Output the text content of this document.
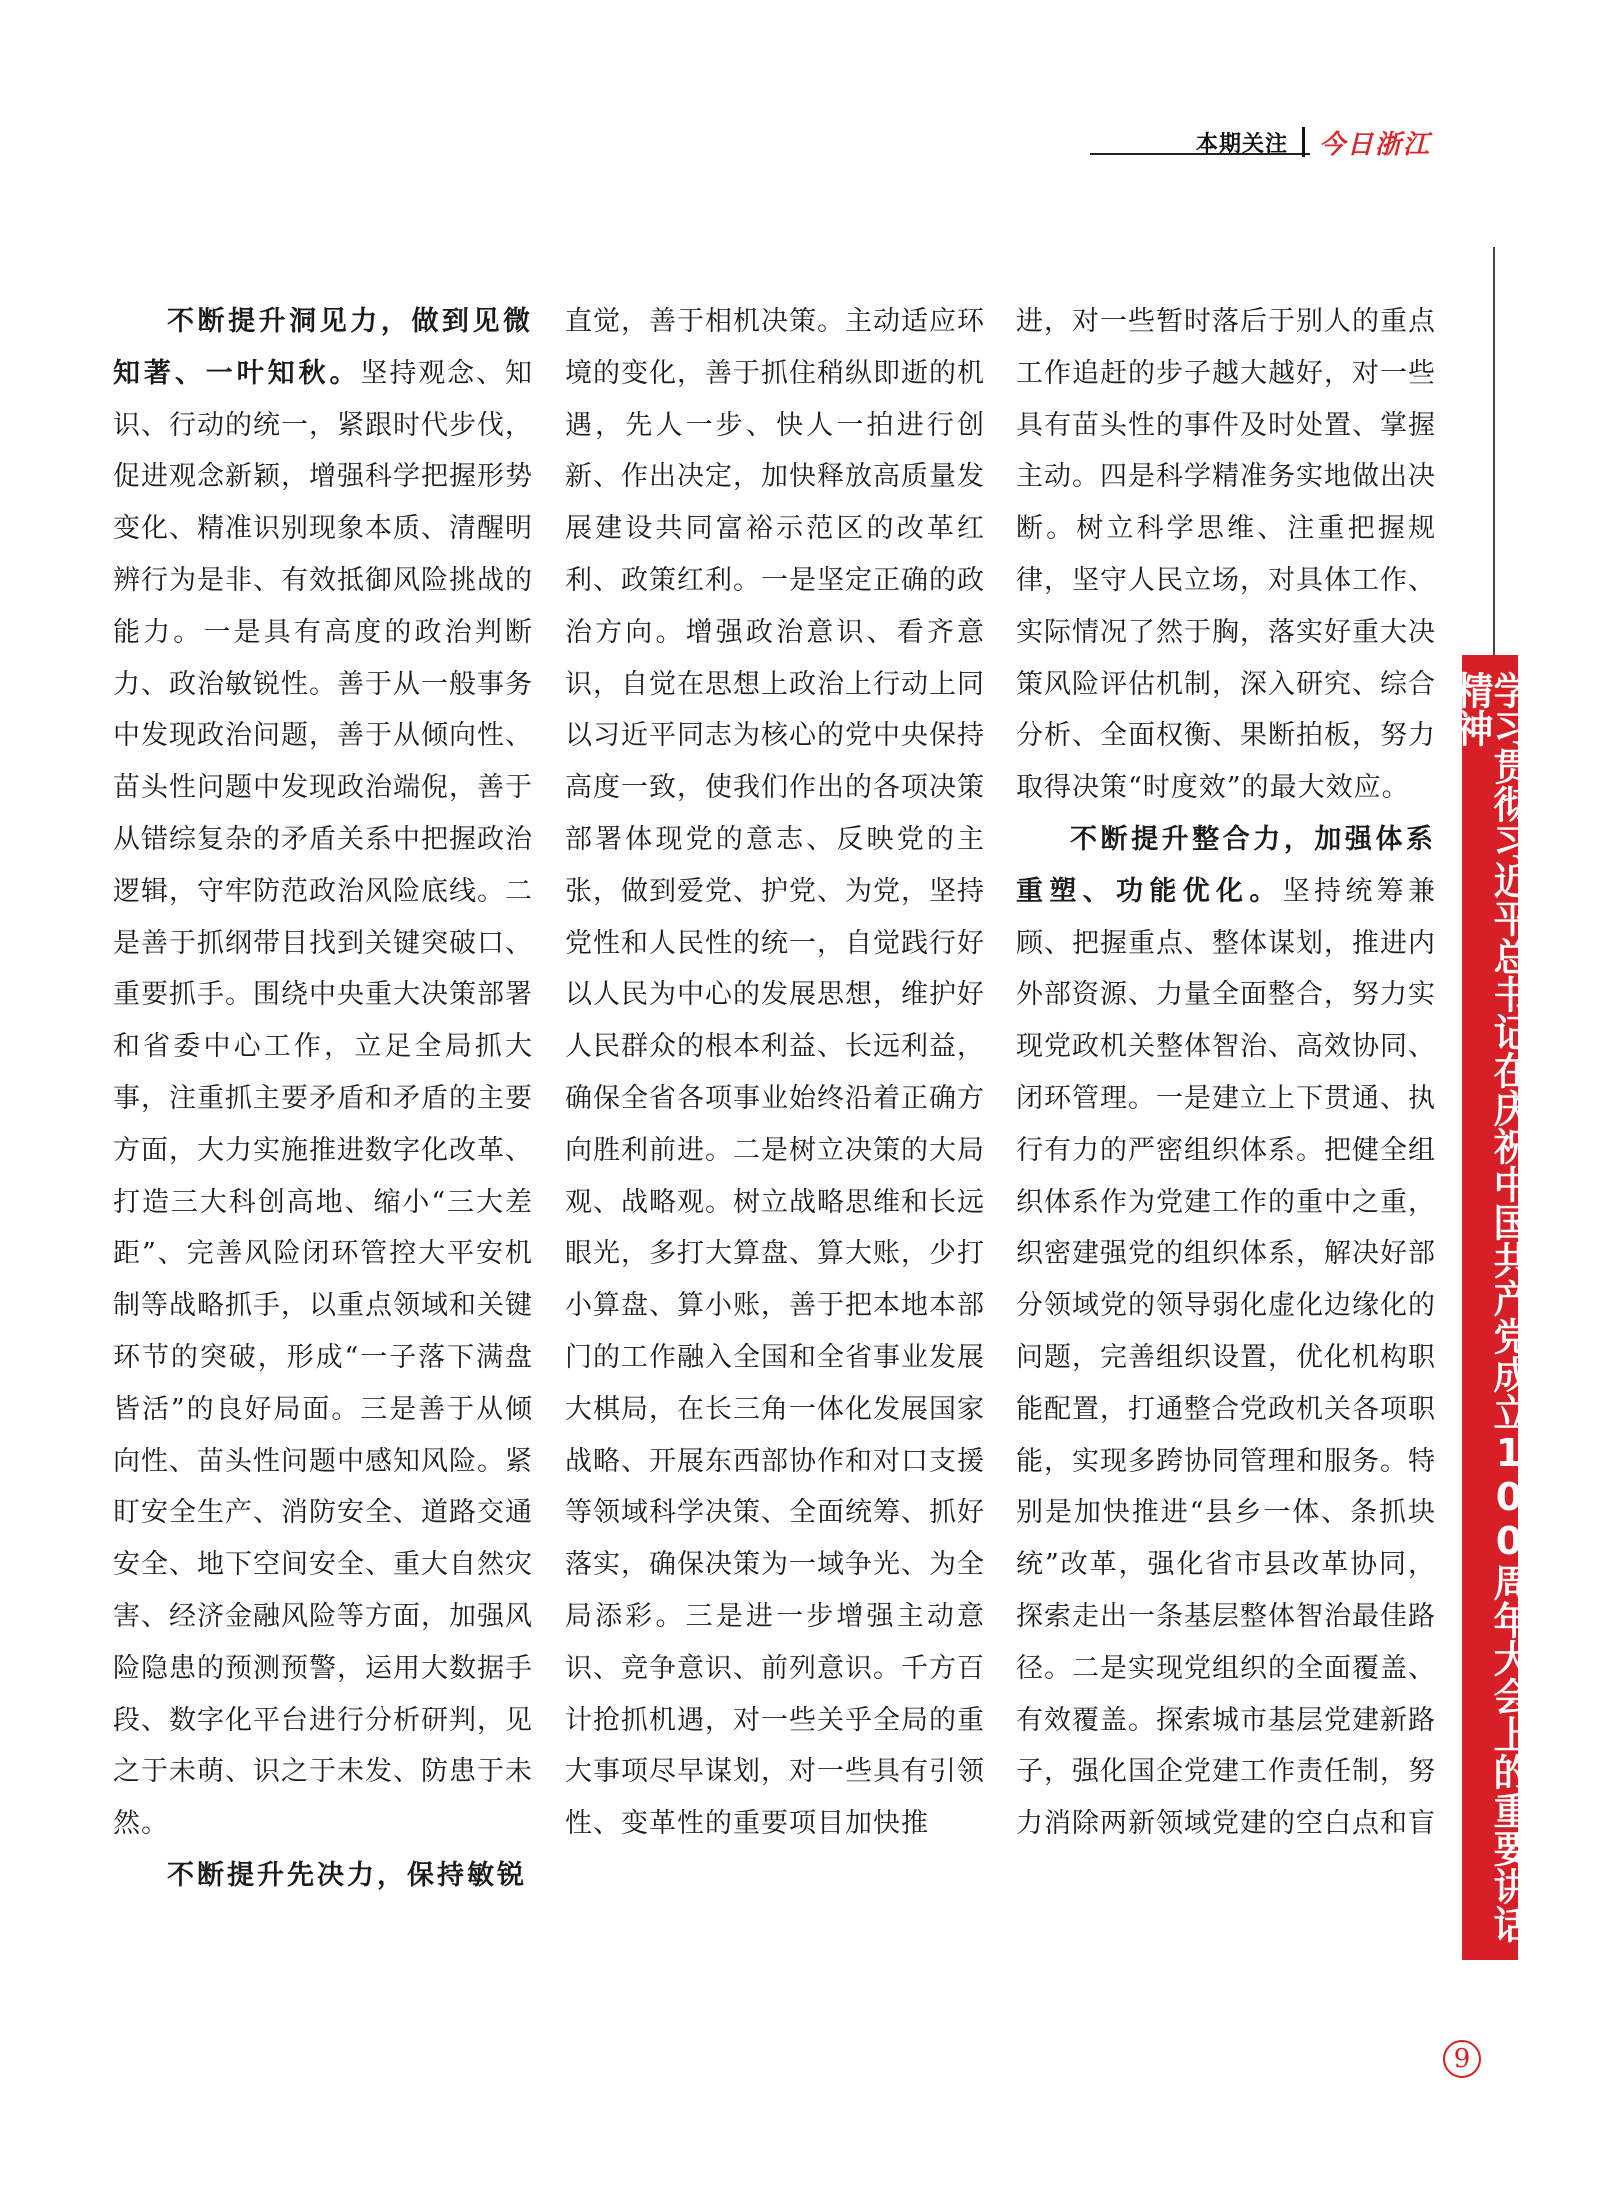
本期关注 今日浙江
学习贯彻习近平总书记在庆祝中国共产党成立100周年大会上的重要讲话精神

不断提升洞见力，做到见微知著、一叶知秋。坚持观念、知识、行动的统一，紧跟时代步伐，促进观念新颖，增强科学把握形势变化、精准识别现象本质、清醒明辨行为是非、有效抵御风险挑战的能力。一是具有高度的政治判断力、政治敏锐性。善于从一般事务中发现政治问题，善于从倾向性、苗头性问题中发现政治端倪，善于从错综复杂的矛盾关系中把握政治逻辑，守牢防范政治风险底线。二是善于抓纲带目找到关键突破口、重要抓手。围绕中央重大决策部署和省委中心工作，立足全局抓大事，注重抓主要矛盾和矛盾的主要方面，大力实施推进数字化改革、打造三大科创高地、缩小“三大差距”、完善风险闭环管控大平安机制等战略抓手，以重点领域和关键环节的突破，形成“一子落下满盘皆活”的良好局面。三是善于从倾向性、苗头性问题中感知风险。紧盯安全生产、消防安全、道路交通安全、地下空间安全、重大自然灾害、经济金融风险等方面，加强风险隐患的预测预警，运用大数据手段、数字化平台进行分析研判，见之于未萌、识之于未发、防患于未然。

不断提升先决力，保持敏锐

直觉，善于相机决策。主动适应环境的变化，善于抓住稍纵即逝的机遇，先人一步、快人一拍进行创新、作出决定，加快释放高质量发展建设共同富裕示范区的改革红利、政策红利。一是坚定正确的政治方向。增强政治意识、看齐意识，自觉在思想上政治上行动上同以习近平同志为核心的党中央保持高度一致，使我们作出的各项决策部署体现党的意志、反映党的主张，做到爱党、护党、为党，坚持党性和人民性的统一，自觉践行好以人民为中心的发展思想，维护好人民群众的根本利益、长远利益，确保全省各项事业始终沿着正确方向胜利前进。二是树立决策的大局观、战略观。树立战略思维和长远眼光，多打大算盘、算大账，少打小算盘、算小账，善于把本地本部门的工作融入全国和全省事业发展大棋局，在长三角一体化发展国家战略、开展东西部协作和对口支援等领域科学决策、全面统筹、抓好落实，确保决策为一域争光、为全局添彩。三是进一步增强主动意识、竞争意识、前列意识。千方百计抢抓机遇，对一些关乎全局的重大事项尽早谋划，对一些具有引领性、变革性的重要项目加快推

进，对一些暂时落后于别人的重点工作追赶的步子越大越好，对一些具有苗头性的事件及时处置、掌握主动。四是科学精准务实地做出决断。树立科学思维、注重把握规律，坚守人民立场，对具体工作、实际情况了然于胸，落实好重大决策风险评估机制，深入研究、综合分析、全面权衡、果断拍板，努力取得决策“时度效”的最大效应。

不断提升整合力，加强体系重塑、功能优化。坚持统筹兼顾、把握重点、整体谋划，推进内外部资源、力量全面整合，努力实现党政机关整体智治、高效协同、闭环管理。一是建立上下贯通、执行有力的严密组织体系。把健全组织体系作为党建工作的重中之重，织密建强党的组织体系，解决好部分领域党的领导弱化虚化边缘化的问题，完善组织设置，优化机构职能配置，打通整合党政机关各项职能，实现多跨协同管理和服务。特别是加快推进“县乡一体、条抓块统”改革，强化省市县改革协同，探索走出一条基层整体智治最佳路径。二是实现党组织的全面覆盖、有效覆盖。探索城市基层党建新路子，强化国企党建工作责任制，努力消除两新领域党建的空白点和盲

9
